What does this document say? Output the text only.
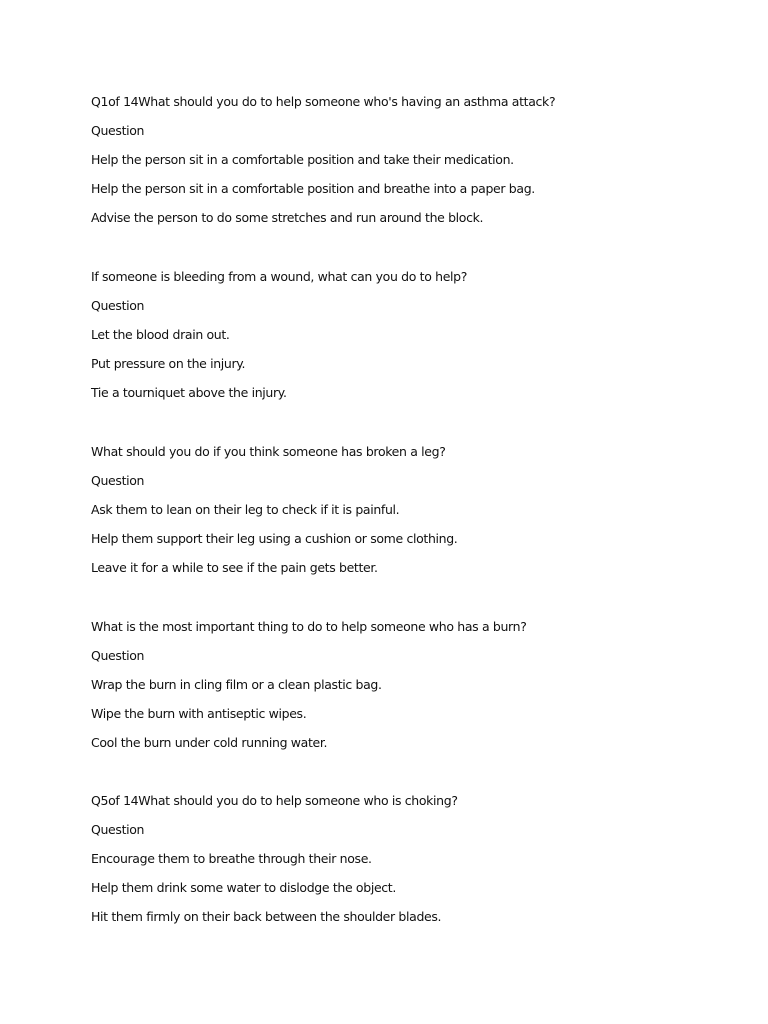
Q1of 14What should you do to help someone who's having an asthma attack?
Question
Help the person sit in a comfortable position and take their medication.
Help the person sit in a comfortable position and breathe into a paper bag.
Advise the person to do some stretches and run around the block.
If someone is bleeding from a wound, what can you do to help?
Question
Let the blood drain out.
Put pressure on the injury.
Tie a tourniquet above the injury.
What should you do if you think someone has broken a leg?
Question
Ask them to lean on their leg to check if it is painful.
Help them support their leg using a cushion or some clothing.
Leave it for a while to see if the pain gets better.
What is the most important thing to do to help someone who has a burn?
Question
Wrap the burn in cling film or a clean plastic bag.
Wipe the burn with antiseptic wipes.
Cool the burn under cold running water.
Q5of 14What should you do to help someone who is choking?
Question
Encourage them to breathe through their nose.
Help them drink some water to dislodge the object.
Hit them firmly on their back between the shoulder blades.
